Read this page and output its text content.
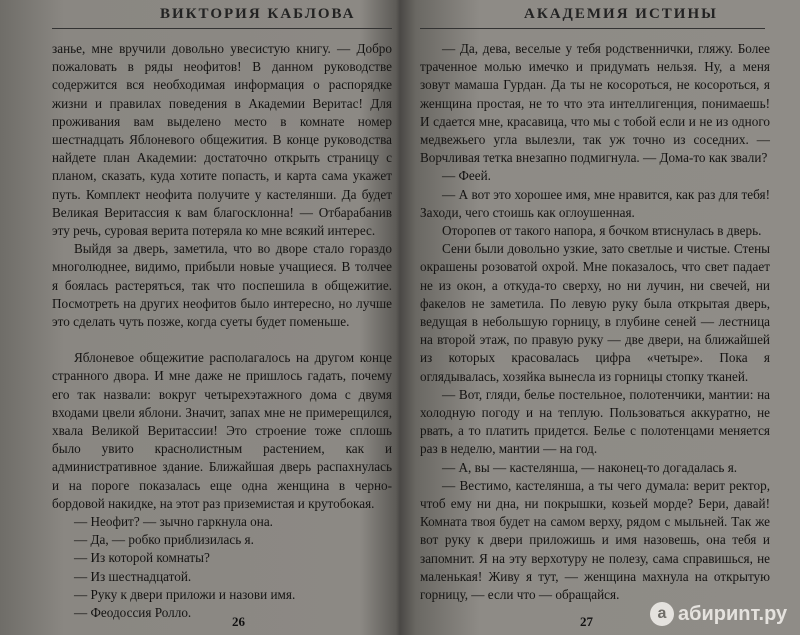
ВИКТОРИЯ КАБЛОВА

занье, мне вручили довольно увесистую книгу. — Добро пожаловать в ряды неофитов! В данном руководстве содержится вся необходимая информация о распорядке жизни и правилах поведения в Академии Веритас! Для проживания вам выделено место в комнате номер шестнадцать Яблоневого общежития. В конце руководства найдете план Академии: достаточно открыть страницу с планом, сказать, куда хотите попасть, и карта сама укажет путь. Комплект неофита получите у кастелянши. Да будет Великая Веритассия к вам благосклонна! — Отбарабанив эту речь, суровая верита потеряла ко мне всякий интерес.

Выйдя за дверь, заметила, что во дворе стало гораздо многолюднее, видимо, прибыли новые учащиеся. В толчее я боялась растеряться, так что поспешила в общежитие. Посмотреть на других неофитов было интересно, но лучше это сделать чуть позже, когда суеты будет поменьше.

Яблоневое общежитие располагалось на другом конце странного двора. И мне даже не пришлось гадать, почему его так назвали: вокруг четырехэтажного дома с двумя входами цвели яблони. Значит, запах мне не примерещился, хвала Великой Веритассии! Это строение тоже сплошь было увито краснолистным растением, как и административное здание. Ближайшая дверь распахнулась и на пороге показалась еще одна женщина в черно-бордовой накидке, на этот раз приземистая и крутобокая.

— Неофит? — зычно гаркнула она.

— Да, — робко приблизилась я.

— Из которой комнаты?

— Из шестнадцатой.

— Руку к двери приложи и назови имя.

— Феодоссия Ролло.

26
АКАДЕМИЯ ИСТИНЫ

— Да, дева, веселые у тебя родственнички, гляжу. Более траченное молью имечко и придумать нельзя. Ну, а меня зовут мамаша Гурдан. Да ты не косороться, не косороться, я женщина простая, не то что эта интеллигенция, понимаешь! И сдается мне, красавица, что мы с тобой если и не из одного медвежьего угла вылезли, так уж точно из соседних. — Ворчливая тетка внезапно подмигнула. — Дома-то как звали?

— Феей.

— А вот это хорошее имя, мне нравится, как раз для тебя! Заходи, чего стоишь как оглоушенная.

Оторопев от такого напора, я бочком втиснулась в дверь.

Сени были довольно узкие, зато светлые и чистые. Стены окрашены розоватой охрой. Мне показалось, что свет падает не из окон, а откуда-то сверху, но ни лучин, ни свечей, ни факелов не заметила. По левую руку была открытая дверь, ведущая в небольшую горницу, в глубине сеней — лестница на второй этаж, по правую руку — две двери, на ближайшей из которых красовалась цифра «четыре». Пока я оглядывалась, хозяйка вынесла из горницы стопку тканей.

— Вот, гляди, белье постельное, полотенчики, мантии: на холодную погоду и на теплую. Пользоваться аккуратно, не рвать, а то платить придется. Белье с полотенцами меняется раз в неделю, мантии — на год.

— А, вы — кастелянша, — наконец-то догадалась я.

— Вестимо, кастелянша, а ты чего думала: верит ректор, чтоб ему ни дна, ни покрышки, козьей морде? Бери, давай! Комната твоя будет на самом верху, рядом с мыльней. Так же вот руку к двери приложишь и имя назовешь, она тебя и запомнит. Я на эту верхотуру не полезу, сама справишься, не маленькая! Живу я тут, — женщина махнула на открытую горницу, — если что — обращайся.

27	а абириnт.ру
